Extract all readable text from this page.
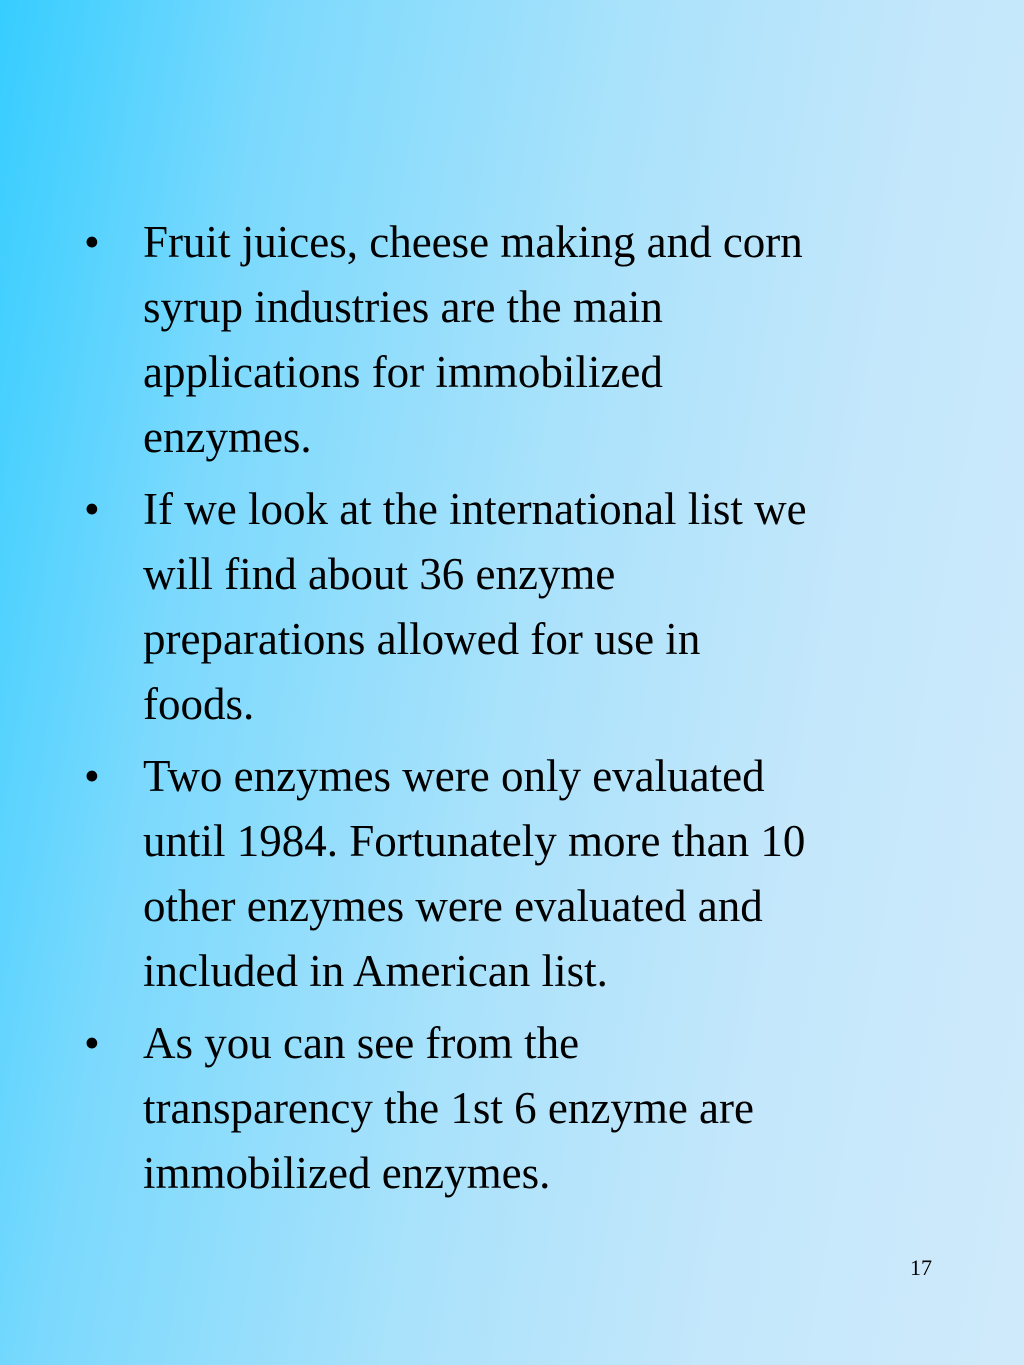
• Fruit juices, cheese making and corn
syrup industries are the main
applications for immobilized
enzymes.
• If we look at the international list we
will find about 36 enzyme
preparations allowed for use in
foods.
• Two enzymes were only evaluated
until 1984. Fortunately more than 10
other enzymes were evaluated and
included in American list.
• As you can see from the
transparency the 1st 6 enzyme are
immobilized enzymes.
17
